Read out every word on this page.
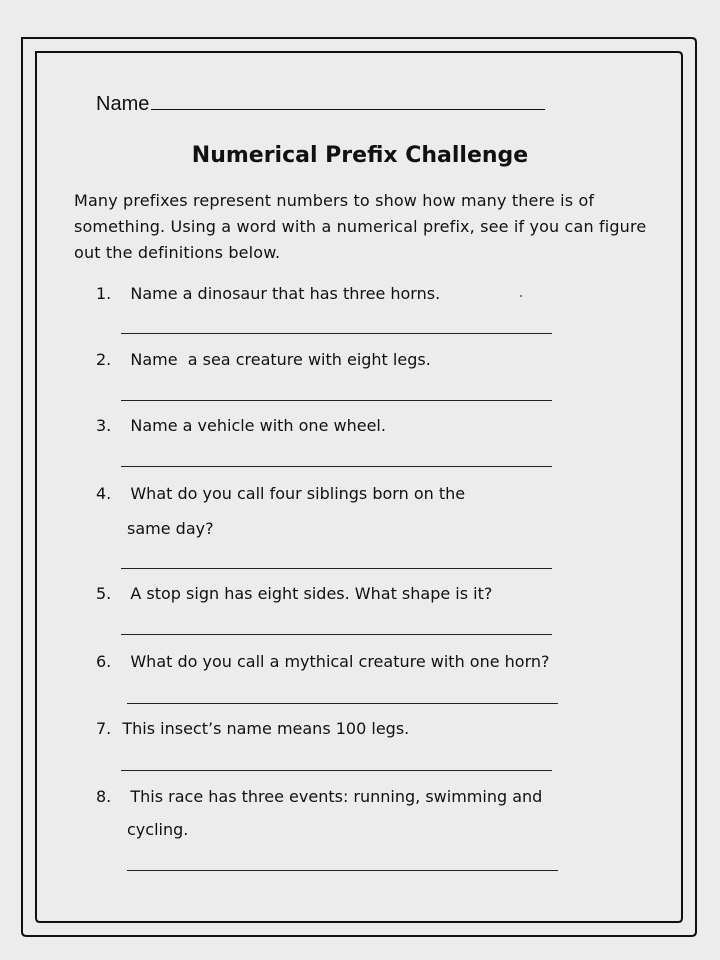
Name
Numerical Prefix Challenge
Many prefixes represent numbers to show how many there is of something. Using a word with a numerical prefix, see if you can figure out the definitions below.
1. Name a dinosaur that has three horns.
2. Name  a sea creature with eight legs.
3. Name a vehicle with one wheel.
4. What do you call four siblings born on the
same day?
5. A stop sign has eight sides. What shape is it?
6. What do you call a mythical creature with one horn?
7. This insect’s name means 100 legs.
8. This race has three events: running, swimming and
cycling.
